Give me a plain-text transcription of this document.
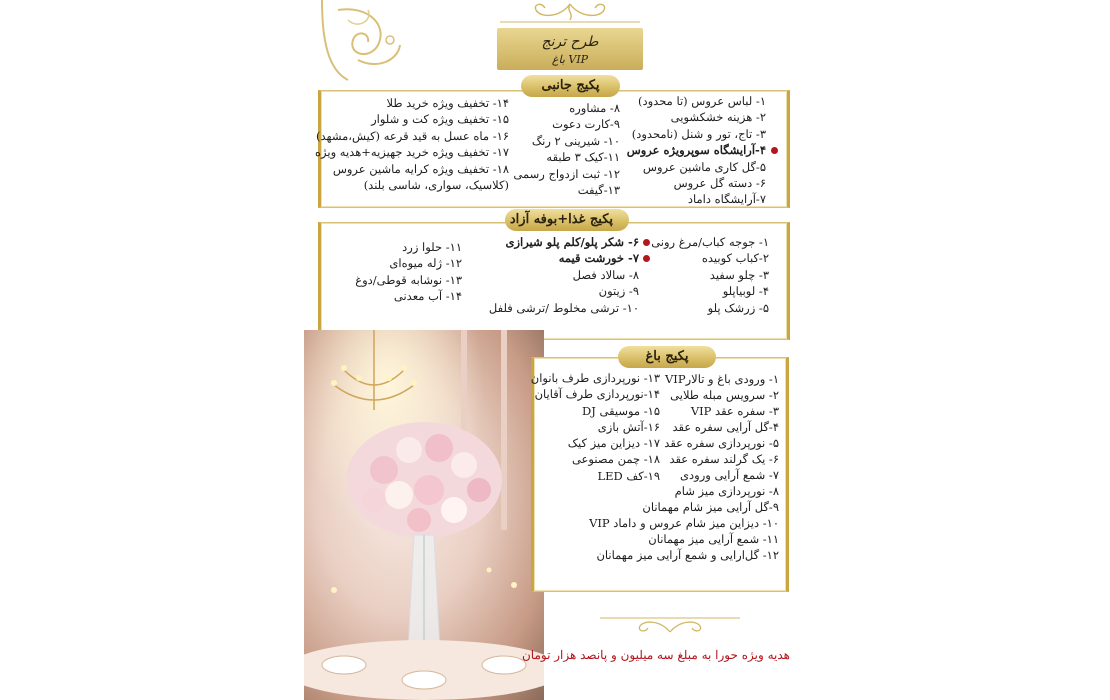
طرح ترنج
باغ VIP
پکیج جانبی
۱- لباس عروس (تا محدود)
۲- هزینه خشکشویی
۳- تاج، تور و شنل (نامحدود)
۴-آرایشگاه سوپرویژه عروس
۵-گل کاری ماشین عروس
۶- دسته گل عروس
۷-آرایشگاه داماد
۸- مشاوره
۹-کارت دعوت
۱۰- شیرینی ۲ رنگ
۱۱-کیک ۳ طبقه
۱۲- ثبت ازدواج رسمی
۱۳-گیفت
۱۴- تخفیف ویژه خرید طلا
۱۵- تخفیف ویژه کت و شلوار
۱۶- ماه عسل به قید قرعه (کیش،مشهد)
۱۷- تخفیف ویژه خرید جهیزیه+هدیه ویژه
۱۸- تخفیف ویژه کرایه ماشین عروس
(کلاسیک، سواری، شاسی بلند)
پکیج غذا+بوفه آزاد
۱- جوجه کباب/مرغ رونی
۲-کباب کوبیده
۳- چلو سفید
۴- لوبیاپلو
۵- زرشک پلو
۶- شکر پلو/کلم پلو شیرازی
۷- خورشت قیمه
۸- سالاد فصل
۹- زیتون
۱۰- ترشی مخلوط /ترشی فلفل
۱۱- حلوا زرد
۱۲- ژله میوه‌ای
۱۳- نوشابه قوطی/دوغ
۱۴- آب معدنی
پکیج باغ
۱- ورودی باغ و تالارVIP
۲- سرویس مبله طلایی
۳- سفره عقد VIP
۴-گل آرایی سفره عقد
۵- نورپردازی سفره عقد
۶- یک گرلند سفره عقد
۷- شمع آرایی ورودی
۸- نورپردازی میز شام
۹-گل آرایی میز شام مهمانان
۱۰- دیزاین میز شام عروس و داماد VIP
۱۱- شمع آرایی میز مهمانان
۱۲- گل‌ارایی و شمع آرایی میز مهمانان
۱۳- نورپردازی طرف بانوان
۱۴-نورپردازی طرف آقایان
۱۵- موسیقی DJ
۱۶-آتش بازی
۱۷- دیزاین میز کیک
۱۸- چمن مصنوعی
۱۹-کف LED
هدیه ویژه حورا به مبلغ سه میلیون و پانصد هزار تومان
